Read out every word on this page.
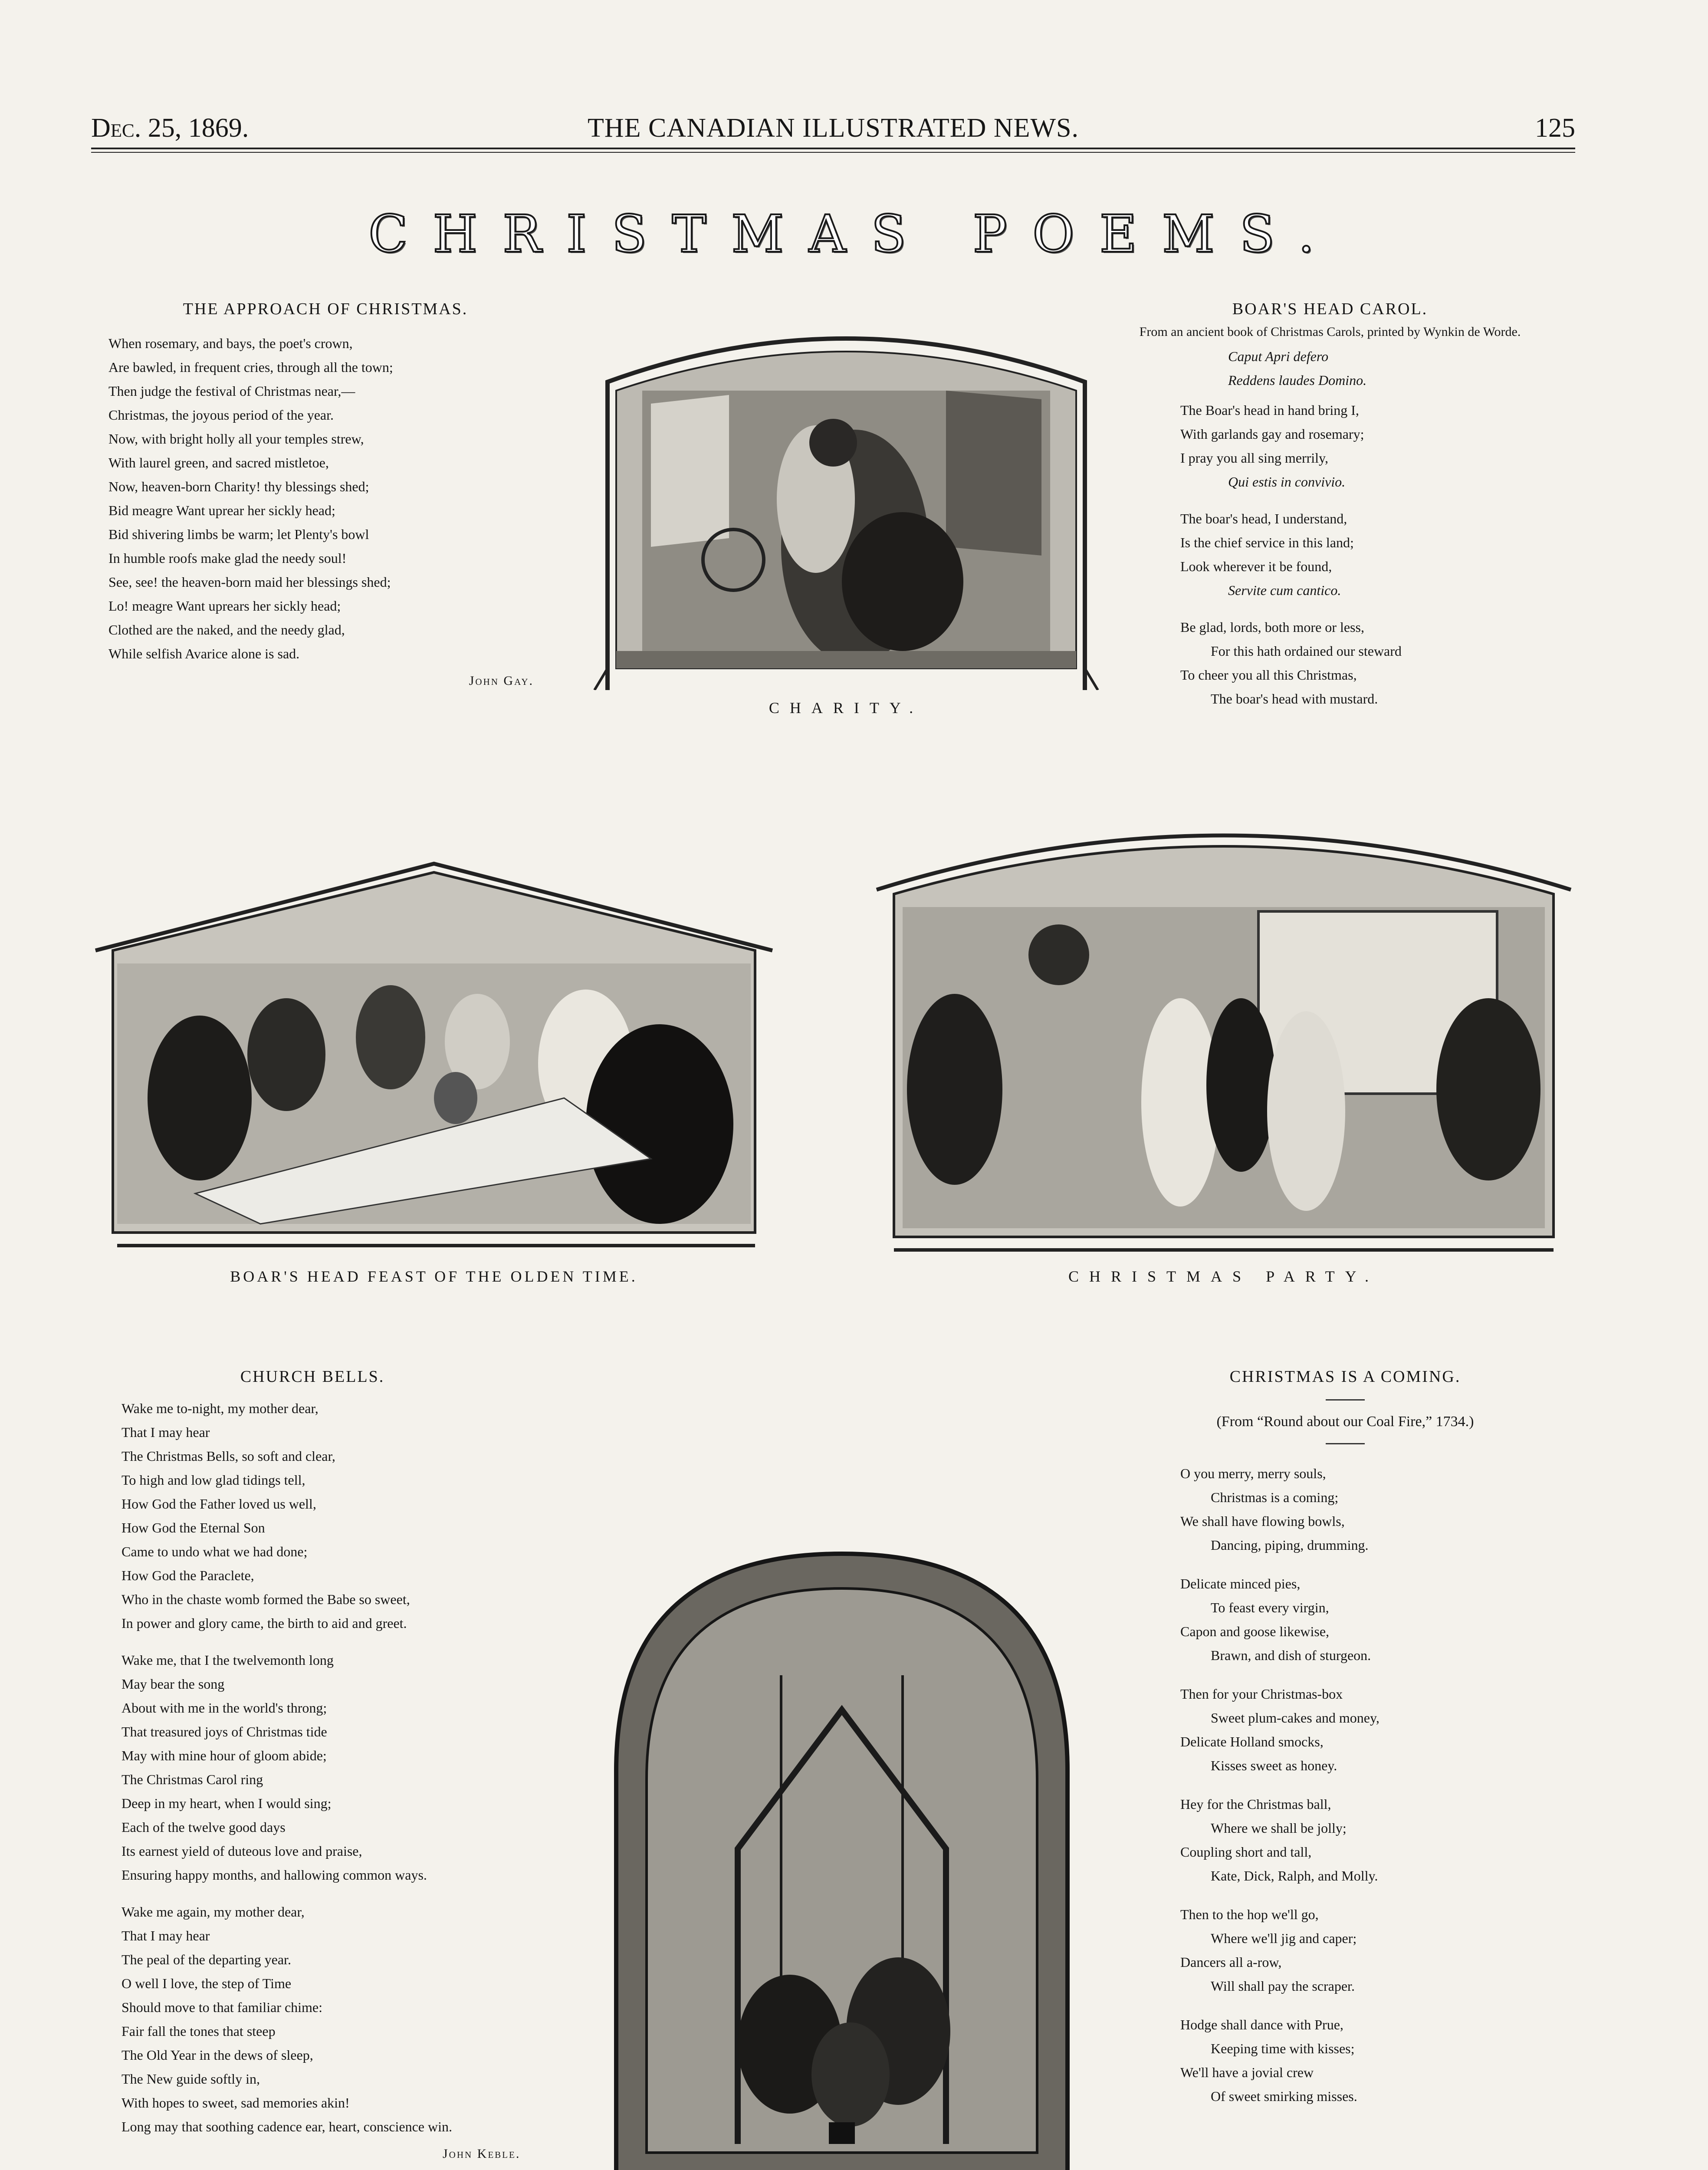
Dec. 25, 1869.	THE CANADIAN ILLUSTRATED NEWS.	125
CHRISTMAS POEMS.
THE APPROACH OF CHRISTMAS.
When rosemary, and bays, the poet's crown,
Are bawled, in frequent cries, through all the town;
Then judge the festival of Christmas near,—
Christmas, the joyous period of the year.
Now, with bright holly all your temples strew,
With laurel green, and sacred mistletoe,
Now, heaven-born Charity! thy blessings shed;
Bid meagre Want uprear her sickly head;
Bid shivering limbs be warm; let Plenty's bowl
In humble roofs make glad the needy soul!
See, see! the heaven-born maid her blessings shed;
Lo! meagre Want uprears her sickly head;
Clothed are the naked, and the needy glad,
While selfish Avarice alone is sad.
John Gay.
CHARITY.
BOAR'S HEAD CAROL.
From an ancient book of Christmas Carols, printed by Wynkin de Worde.
Caput Apri defero
Reddens laudes Domino.
The Boar's head in hand bring I,
With garlands gay and rosemary;
I pray you all sing merrily,
Qui estis in convivio.
The boar's head, I understand,
Is the chief service in this land;
Look wherever it be found,
Servite cum cantico.
Be glad, lords, both more or less,
For this hath ordained our steward
To cheer you all this Christmas,
The boar's head with mustard.
BOAR'S HEAD FEAST OF THE OLDEN TIME.	CHRISTMAS PARTY.
CHURCH BELLS.
Wake me to-night, my mother dear,
That I may hear
The Christmas Bells, so soft and clear,
To high and low glad tidings tell,
How God the Father loved us well,
How God the Eternal Son
Came to undo what we had done;
How God the Paraclete,
Who in the chaste womb formed the Babe so sweet,
In power and glory came, the birth to aid and greet.
Wake me, that I the twelvemonth long
May bear the song
About with me in the world's throng;
That treasured joys of Christmas tide
May with mine hour of gloom abide;
The Christmas Carol ring
Deep in my heart, when I would sing;
Each of the twelve good days
Its earnest yield of duteous love and praise,
Ensuring happy months, and hallowing common ways.
Wake me again, my mother dear,
That I may hear
The peal of the departing year.
O well I love, the step of Time
Should move to that familiar chime:
Fair fall the tones that steep
The Old Year in the dews of sleep,
The New guide softly in,
With hopes to sweet, sad memories akin!
Long may that soothing cadence ear, heart, conscience win.
John Keble.
CHRISTMAS IS A COMING.
(From “Round about our Coal Fire,” 1734.)
O you merry, merry souls,
Christmas is a coming;
We shall have flowing bowls,
Dancing, piping, drumming.
Delicate minced pies,
To feast every virgin,
Capon and goose likewise,
Brawn, and dish of sturgeon.
Then for your Christmas-box
Sweet plum-cakes and money,
Delicate Holland smocks,
Kisses sweet as honey.
Hey for the Christmas ball,
Where we shall be jolly;
Coupling short and tall,
Kate, Dick, Ralph, and Molly.
Then to the hop we'll go,
Where we'll jig and caper;
Dancers all a-row,
Will shall pay the scraper.
Hodge shall dance with Prue,
Keeping time with kisses;
We'll have a jovial crew
Of sweet smirking misses.
